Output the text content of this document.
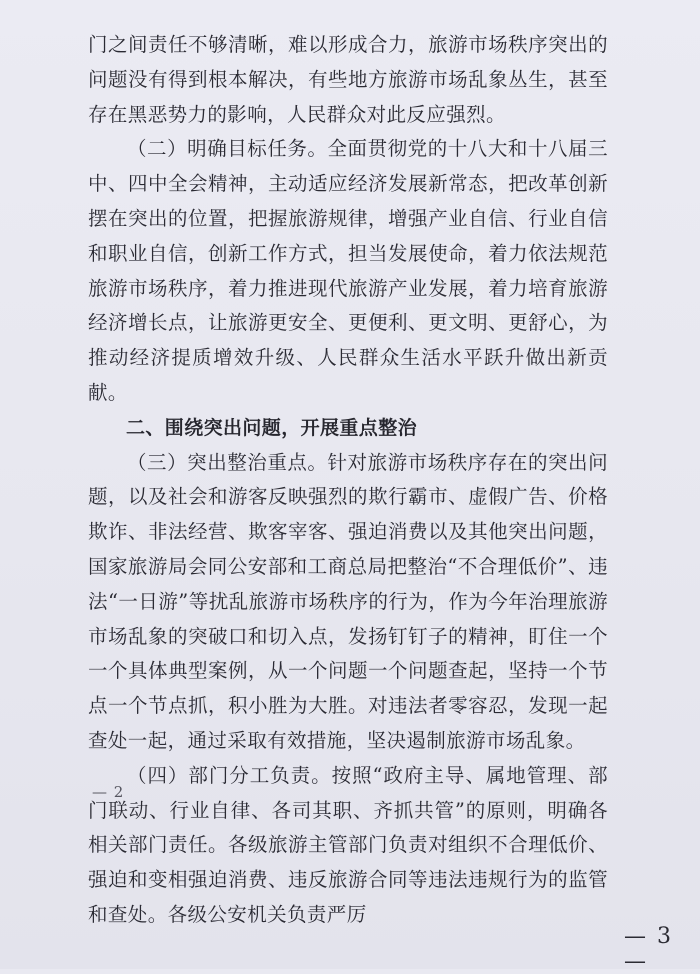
门之间责任不够清晰，难以形成合力，旅游市场秩序突出的问题没有得到根本解决，有些地方旅游市场乱象丛生，甚至存在黑恶势力的影响，人民群众对此反应强烈。

（二）明确目标任务。全面贯彻党的十八大和十八届三中、四中全会精神，主动适应经济发展新常态，把改革创新摆在突出的位置，把握旅游规律，增强产业自信、行业自信和职业自信，创新工作方式，担当发展使命，着力依法规范旅游市场秩序，着力推进现代旅游产业发展，着力培育旅游经济增长点，让旅游更安全、更便利、更文明、更舒心，为推动经济提质增效升级、人民群众生活水平跃升做出新贡献。

二、围绕突出问题，开展重点整治

（三）突出整治重点。针对旅游市场秩序存在的突出问题，以及社会和游客反映强烈的欺行霸市、虚假广告、价格欺诈、非法经营、欺客宰客、强迫消费以及其他突出问题，国家旅游局会同公安部和工商总局把整治“不合理低价”、违法“一日游”等扰乱旅游市场秩序的行为，作为今年治理旅游市场乱象的突破口和切入点，发扬钉钉子的精神，盯住一个一个具体典型案例，从一个问题一个问题查起，坚持一个节点一个节点抓，积小胜为大胜。对违法者零容忍，发现一起查处一起，通过采取有效措施，坚决遏制旅游市场乱象。

（四）部门分工负责。按照“政府主导、属地管理、部门联动、行业自律、各司其职、齐抓共管”的原则，明确各相关部门责任。各级旅游主管部门负责对组织不合理低价、强迫和变相强迫消费、违反旅游合同等违法违规行为的监管和查处。各级公安机关负责严厉

— 2
— 3 —
